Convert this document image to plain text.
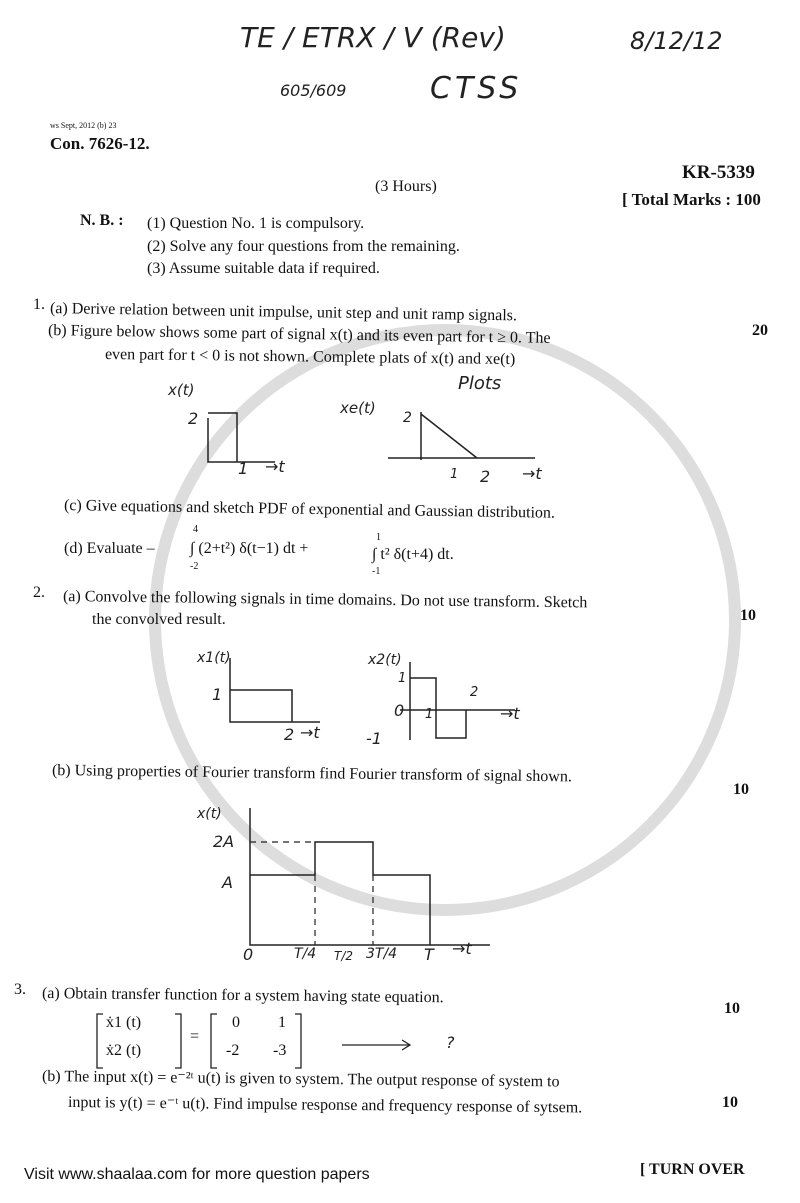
TE / ETRX / V (Rev)	8/12/12
605/609	CTSS
ws Sept, 2012 (b) 23
Con. 7626-12.
KR-5339
(3 Hours)
[ Total Marks : 100
N. B. : (1) Question No. 1 is compulsory.
(2) Solve any four questions from the remaining.
(3) Assume suitable data if required.
1. (a) Derive relation between unit impulse, unit step and unit ramp signals.
(b) Figure below shows some part of signal x(t) and its even part for t ≥ 0. The	20
even part for t < 0 is not shown. Complete plats of x(t) and xe(t)
Plots
x(t)
2
1 →t
xe(t)
2
1 2 →t
(c) Give equations and sketch PDF of exponential and Gaussian distribution.
(d) Evaluate –
4
-2
∫ (2+t²) δ(t−1) dt +
1
-1
∫ t² δ(t+4) dt.
2. (a) Convolve the following signals in time domains. Do not use transform. Sketch
the convolved result.	10
x1(t)
1
2 →t
x2(t)
1
0
-1
1
2
→t
(b) Using properties of Fourier transform find Fourier transform of signal shown.
10
x(t)
2A
A
0	T/4 T/2 3T/4 T →t
3. (a) Obtain transfer function for a system having state equation.
10
ẋ1 (t)
ẋ2 (t)
=
0 1
-2 -3	?
(b) The input x(t) = e⁻²ᵗ u(t) is given to system. The output response of system to
10
input is y(t) = e⁻ᵗ u(t). Find impulse response and frequency response of sytsem.
Visit www.shaalaa.com for more question papers	[ TURN OVER
